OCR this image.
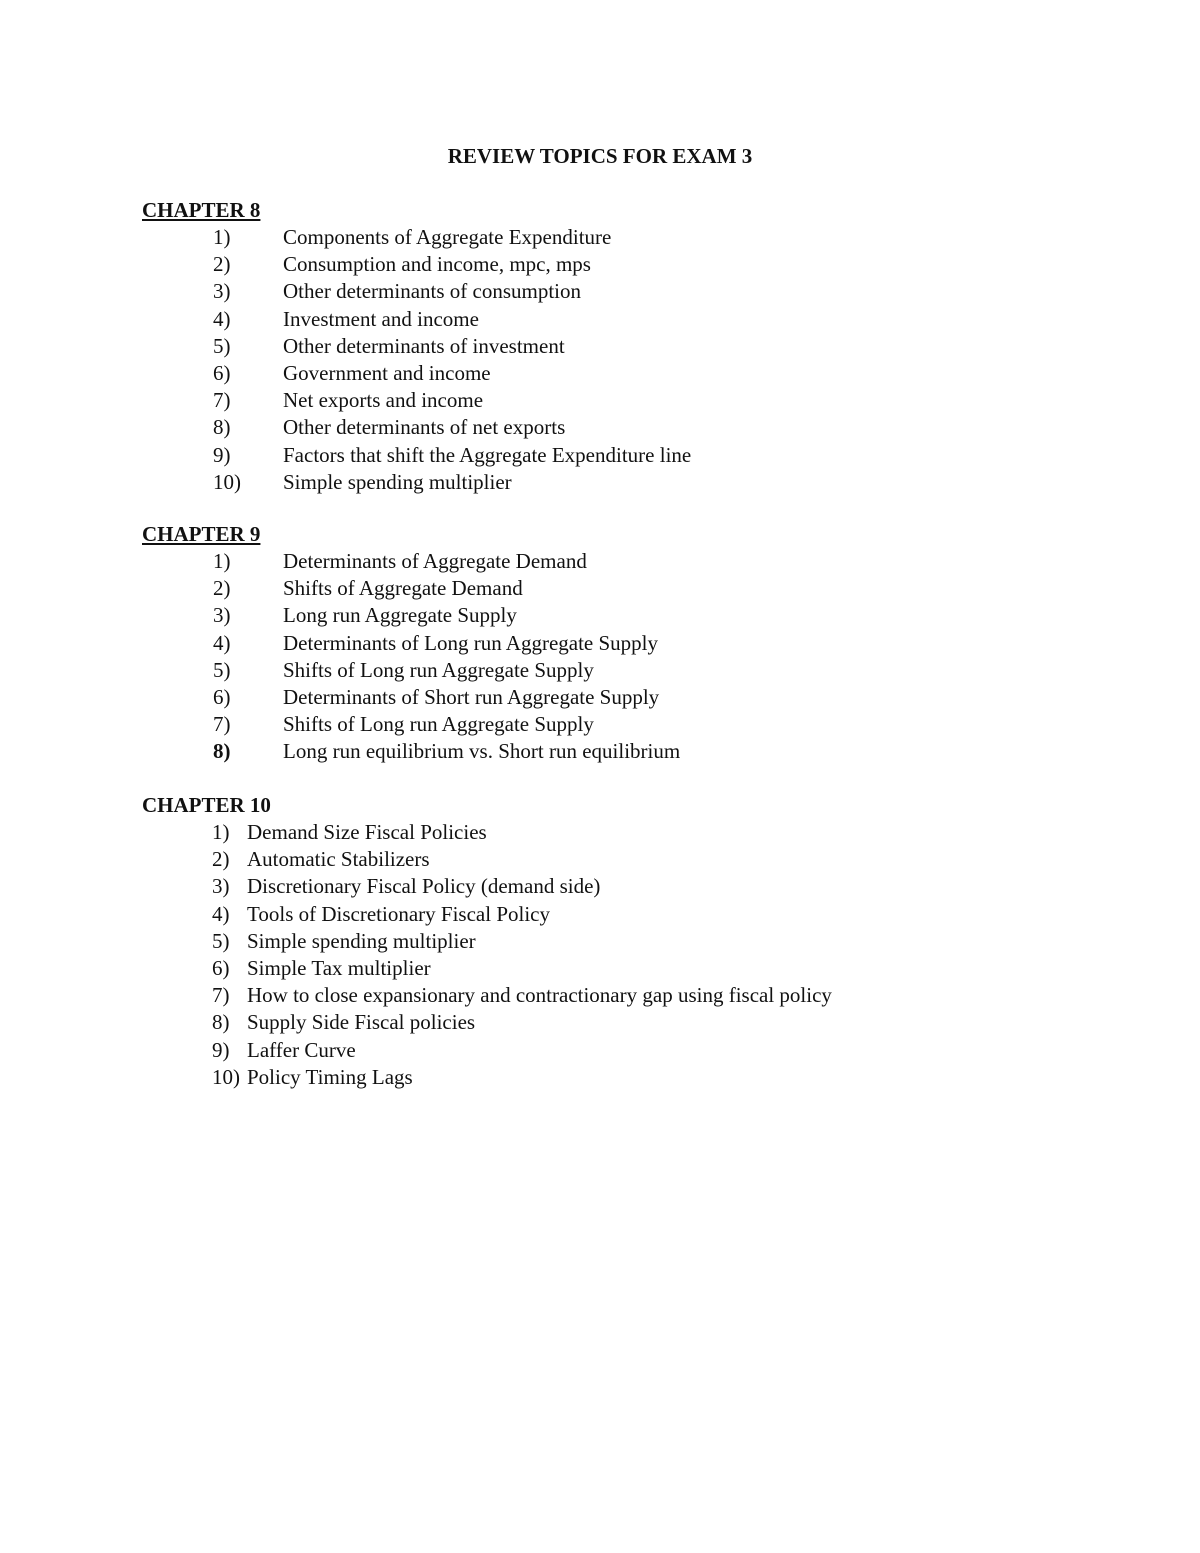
REVIEW TOPICS FOR EXAM 3
CHAPTER 8
1)	Components of Aggregate Expenditure
2)	Consumption and income, mpc, mps
3)	Other determinants of consumption
4)	Investment and income
5)	Other determinants of investment
6)	Government and income
7)	Net exports and income
8)	Other determinants of net exports
9)	Factors that shift the Aggregate Expenditure line
10) Simple spending multiplier
CHAPTER 9
1)	Determinants of Aggregate Demand
2)	Shifts of Aggregate Demand
3)	Long run Aggregate Supply
4)	Determinants of Long run Aggregate Supply
5)	Shifts of Long run Aggregate Supply
6)	Determinants of Short run Aggregate Supply
7)	Shifts of Long run Aggregate Supply
8)	Long run equilibrium vs. Short run equilibrium
CHAPTER 10
1) Demand Size Fiscal Policies
2) Automatic Stabilizers
3) Discretionary Fiscal Policy (demand side)
4) Tools of Discretionary Fiscal Policy
5) Simple spending multiplier
6) Simple Tax multiplier
7) How to close expansionary and contractionary gap using fiscal policy
8) Supply Side Fiscal policies
9) Laffer Curve
10) Policy Timing Lags
